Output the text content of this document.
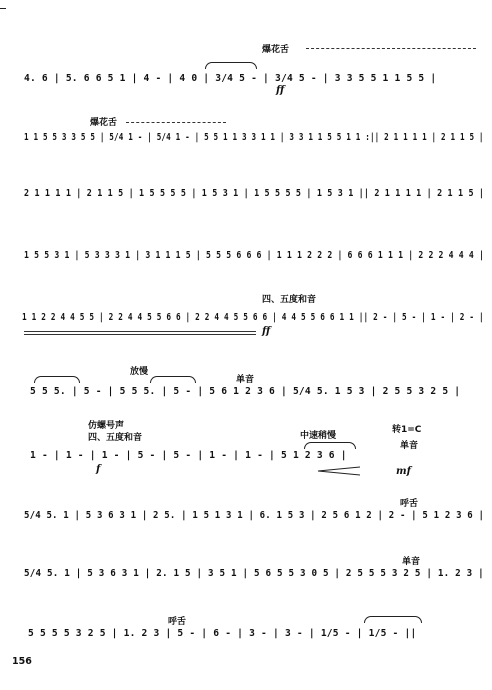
爆花舌
4. 6 | 5. 6 6 5 1 | 4 - | 4 0 | 3/4 5 - | 3/4 5 - | 3 3 5 5 1 1 5 5 |
ff
爆花舌
1 1 5 5 3 3 5 5 | 5/4 1 - | 5/4 1 - | 5 5 1 1 3 3 1 1 | 3 3 1 1 5 5 1 1 :|| 2 1 1 1 1 | 2 1 1 5 |
2 1 1 1 1 | 2 1 1 5 | 1 5 5 5 5 | 1 5 3 1 | 1 5 5 5 5 | 1 5 3 1 || 2 1 1 1 1 | 2 1 1 5 |
1 5 5 3 1 | 5 3 3 3 1 | 3 1 1 1 5 | 5 5 5 6 6 6 | 1 1 1 2 2 2 | 6 6 6 1 1 1 | 2 2 2 4 4 4 |
四、五度和音
1 1 2 2 4 4 5 5 | 2 2 4 4 5 5 6 6 | 2 2 4 4 5 5 6 6 | 4 4 5 5 6 6 1 1 || 2 - | 5 - | 1 - | 2 - |
ff
放慢
单音
5 5 5. | 5 - | 5 5 5. | 5 - | 5 6 1 2 3 6 | 5/4 5. 1 5 3 | 2 5 5 3 2 5 |
仿螺号声
四、五度和音	中速稍慢
转1=C
单音
1 - | 1 - | 1 - | 5 - | 5 - | 1 - | 1 - | 5 1 2 3 6 |
f	mf
呼舌
5/4 5. 1 | 5 3 6 3 1 | 2 5. | 1 5 1 3 1 | 6. 1 5 3 | 2 5 6 1 2 | 2 - | 5 1 2 3 6 |
单音
5/4 5. 1 | 5 3 6 3 1 | 2. 1 5 | 3 5 1 | 5 6 5 5 3 0 5 | 2 5 5 5 3 2 5 | 1. 2 3 |
呼舌
5 5 5 5 3 2 5 | 1. 2 3 | 5 - | 6 - | 3 - | 3 - | 1/5 - | 1/5 - ||
156
